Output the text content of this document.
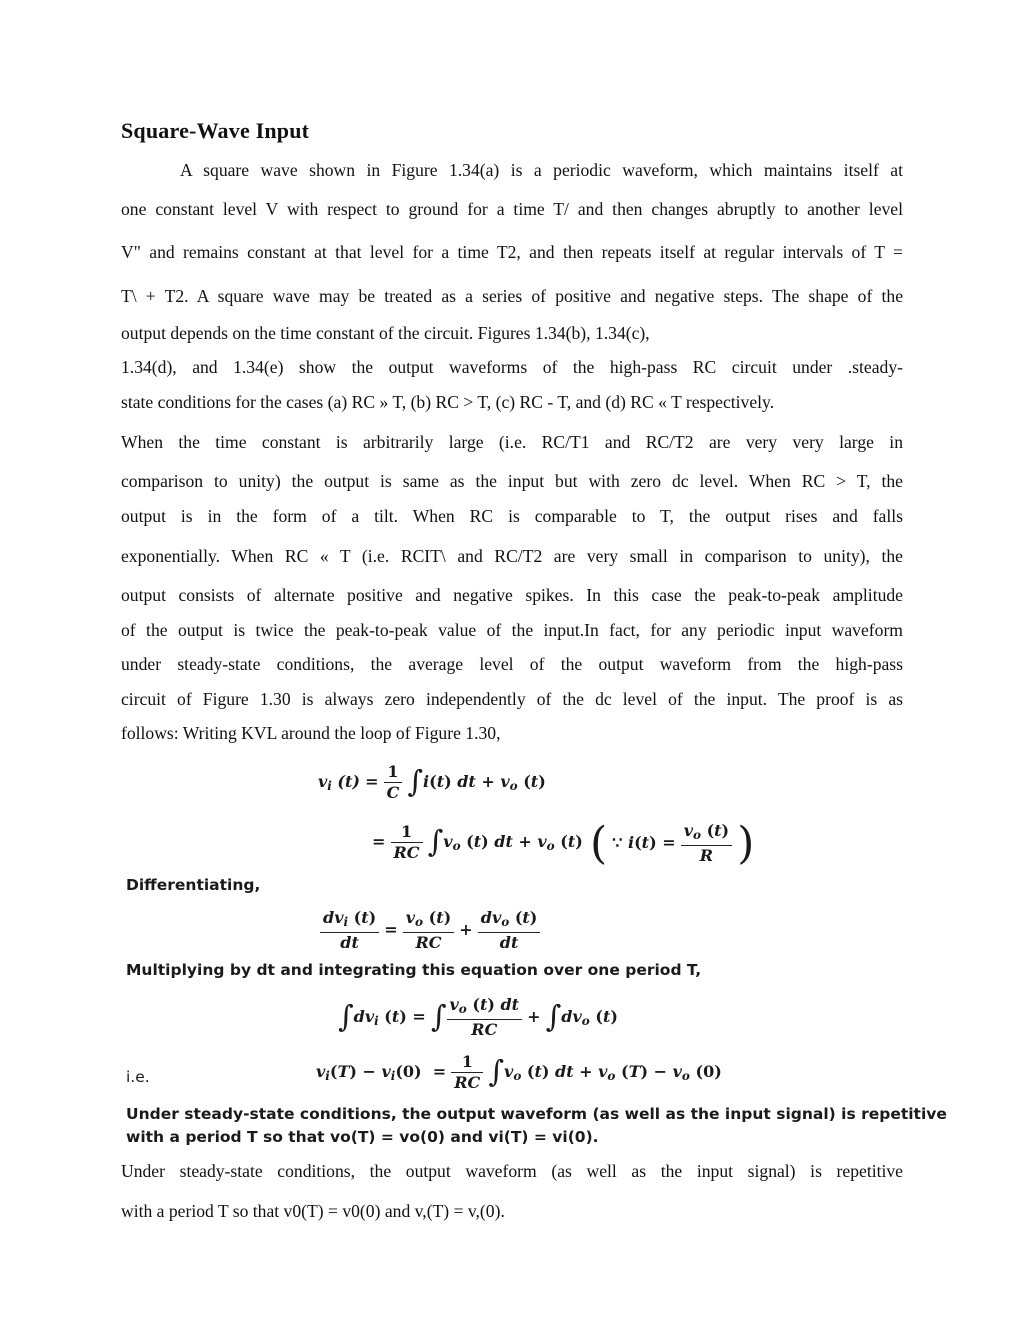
Square-Wave Input

A square wave shown in Figure 1.34(a) is a periodic waveform, which maintains itself at

one constant level V with respect to ground for a time T/ and then changes abruptly to another level

V" and remains constant at that level for a time T2, and then repeats itself at regular intervals of T =

T\ + T2. A square wave may be treated as a series of positive and negative steps. The shape of the

output depends on the time constant of the circuit. Figures 1.34(b), 1.34(c),

1.34(d), and 1.34(e) show the output waveforms of the high-pass RC circuit under .steady-

state conditions for the cases (a) RC » T, (b) RC > T, (c) RC - T, and (d) RC « T respectively.

When the time constant is arbitrarily large (i.e. RC/T1 and RC/T2 are very very large in

comparison to unity) the output is same as the input but with zero dc level. When RC > T, the

output is in the form of a tilt. When RC is comparable to T, the output rises and falls

exponentially. When RC « T (i.e. RCIT\ and RC/T2 are very small in comparison to unity), the

output consists of alternate positive and negative spikes. In this case the peak-to-peak amplitude

of the output is twice the peak-to-peak value of the input.In fact, for any periodic input waveform

under steady-state conditions, the average level of the output waveform from the high-pass

circuit of Figure 1.30 is always zero independently of the dc level of the input. The proof is as

follows: Writing KVL around the loop of Figure 1.30,

$v_i$ $(t) = \frac{1}{C} \int i(t)$ dt + $v_o$ (t)
= $\frac{1}{RC} \int v_o$ (t) dt + $v_o$ (t) ( ∵ $i(t) = \frac{v_o (t)}{R}$ )
Differentiating,
$\frac{dv_i (t)}{dt} = \frac{v_o (t)}{RC} + \frac{dv_o (t)}{dt}$
Multiplying by dt and integrating this equation over one period T,
$\int dv_i$ (t) = ∫ $\frac{v_o (t) dt}{RC} + \int dv_o$ (t)
i.e.	$v_i(T) - v_i(0) = \frac{1}{RC} \int v_o$ (t) dt + $v_o$ $(T) - v_o$ (0)
Under steady-state conditions, the output waveform (as well as the input signal) is repetitive
with a period T so that vo(T) = vo(0) and vi(T) = vi(0).

Under steady-state conditions, the output waveform (as well as the input signal) is repetitive

with a period T so that v0(T) = v0(0) and v,(T) = v,(0).
